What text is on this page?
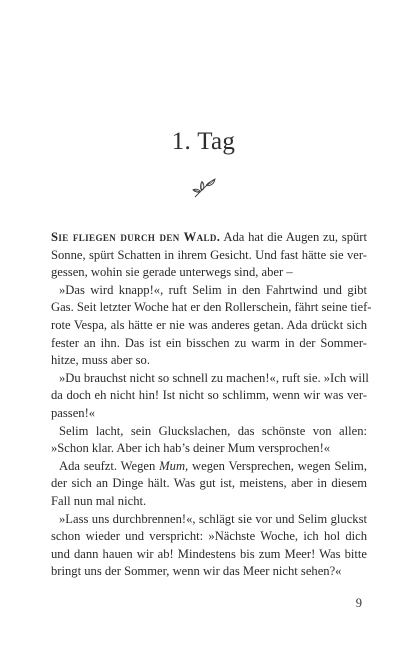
1. Tag
Sie fliegen durch den Wald. Ada hat die Augen zu, spürt
Sonne, spürt Schatten in ihrem Gesicht. Und fast hätte sie ver-
gessen, wohin sie gerade unterwegs sind, aber –
»Das wird knapp!«, ruft Selim in den Fahrtwind und gibt
Gas. Seit letzter Woche hat er den Rollerschein, fährt seine tief-
rote Vespa, als hätte er nie was anderes getan. Ada drückt sich
fester an ihn. Das ist ein bisschen zu warm in der Sommer-
hitze, muss aber so.
»Du brauchst nicht so schnell zu machen!«, ruft sie. »Ich will
da doch eh nicht hin! Ist nicht so schlimm, wenn wir was ver-
passen!«
Selim lacht, sein Gluckslachen, das schönste von allen:
»Schon klar. Aber ich hab’s deiner Mum versprochen!«
Ada seufzt. Wegen Mum, wegen Versprechen, wegen Selim,
der sich an Dinge hält. Was gut ist, meistens, aber in diesem
Fall nun mal nicht.
»Lass uns durchbrennen!«, schlägt sie vor und Selim gluckst
schon wieder und verspricht: »Nächste Woche, ich hol dich
und dann hauen wir ab! Mindestens bis zum Meer! Was bitte
bringt uns der Sommer, wenn wir das Meer nicht sehen?«
9
